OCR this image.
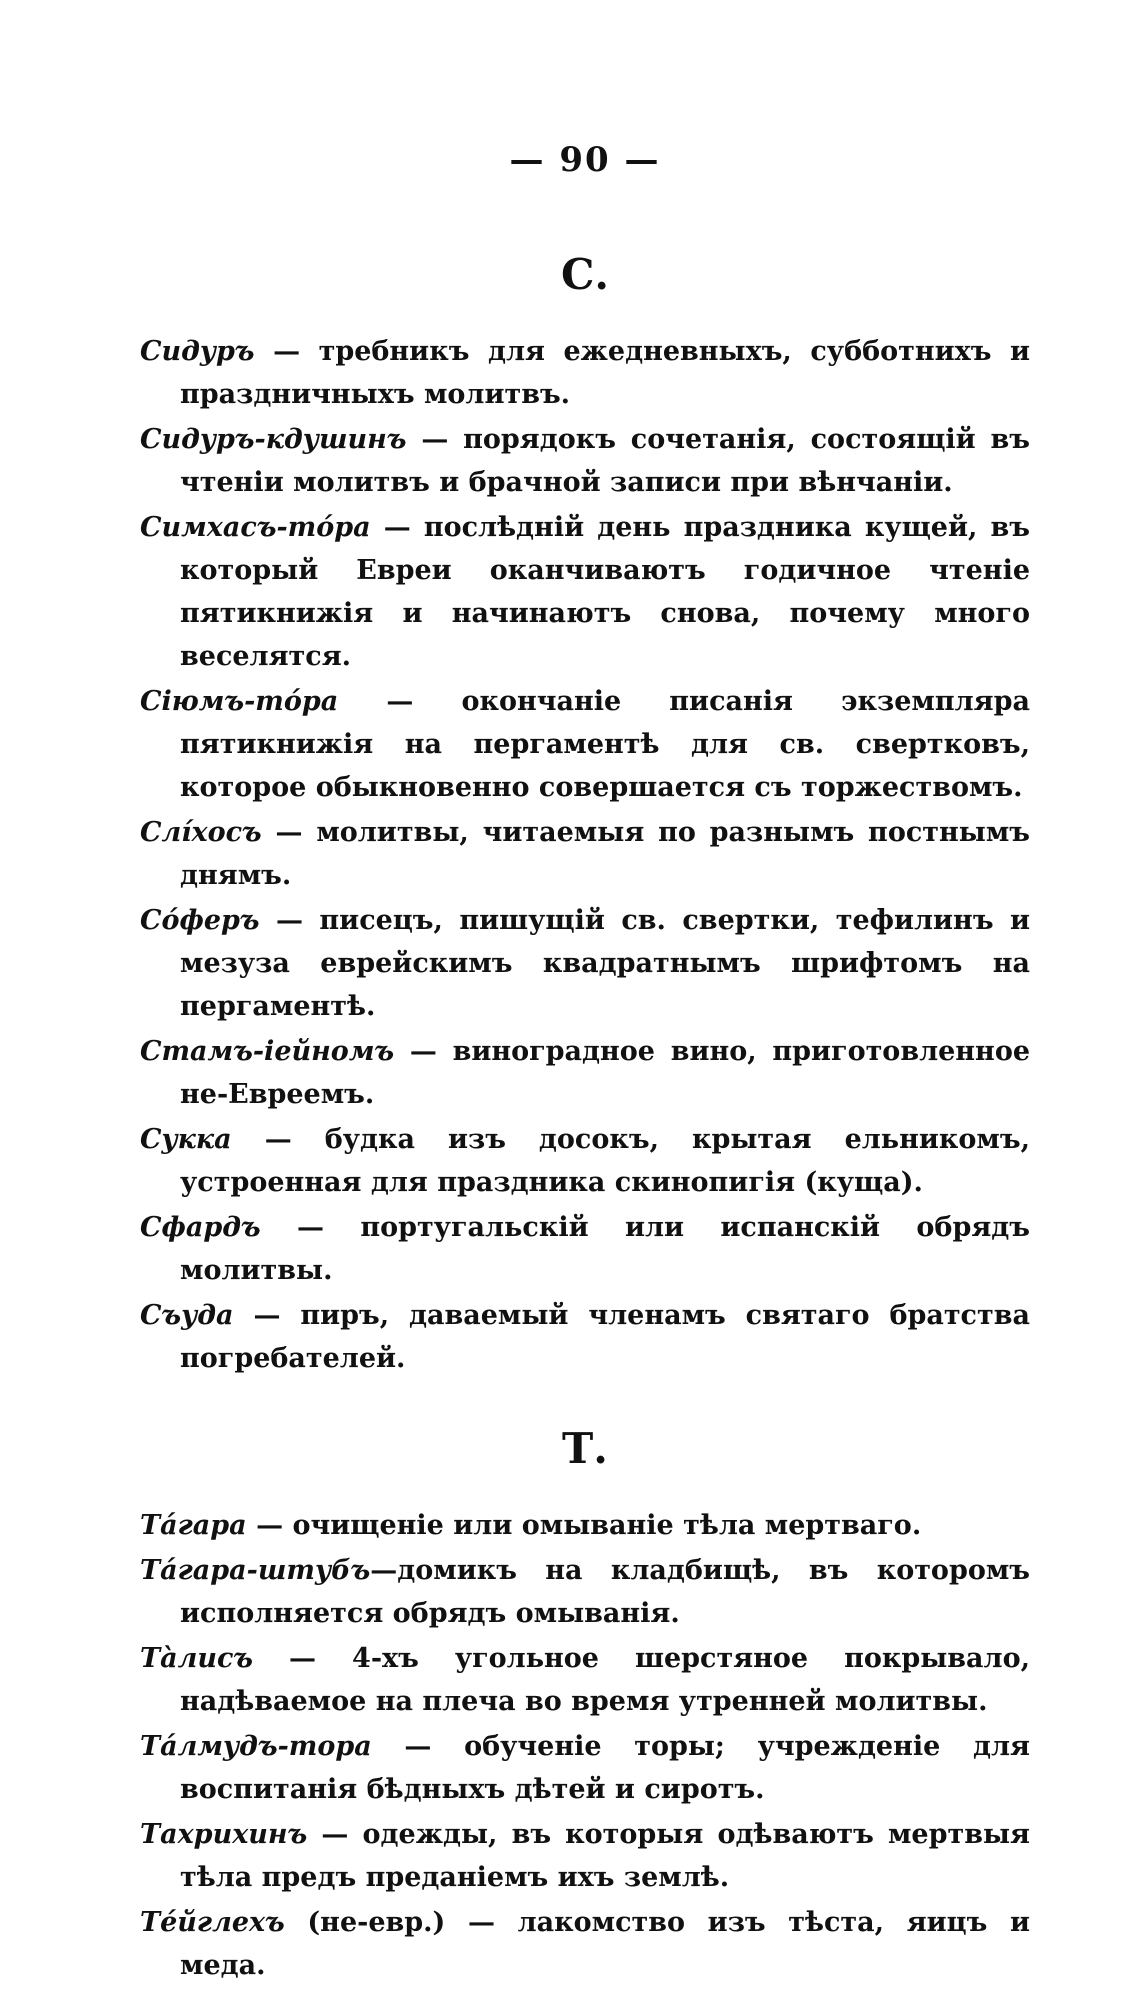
— 90 —
С.

Сидуръ — требникъ для ежедневныхъ, субботнихъ и праздничныхъ молитвъ.

Сидуръ-кдушинъ — порядокъ сочетанія, состоящій въ чтеніи молитвъ и брачной записи при вѣнчаніи.

Симхасъ-тóра — послѣдній день праздника кущей, въ который Евреи оканчиваютъ годичное чтеніе пятикнижія и начинаютъ снова, почему много веселятся.

Сіюмъ-тóра — окончаніе писанія экземпляра пятикнижія на пергаментѣ для св. свертковъ, которое обыкновенно совершается съ торжествомъ.

Слíхосъ — молитвы, читаемыя по разнымъ постнымъ днямъ.

Сóферъ — писецъ, пишущій св. свертки, тефилинъ и мезуза еврейскимъ квадратнымъ шрифтомъ на пергаментѣ.

Стамъ-іейномъ — виноградное вино, приготовленное не-Евреемъ.

Сукка — будка изъ досокъ, крытая ельникомъ, устроенная для праздника скинопигія (куща).

Сфардъ — португальскій или испанскій обрядъ молитвы.

Съуда — пиръ, даваемый членамъ святаго братства погребателей.

Т.

Тáгара — очищеніе или омываніе тѣла мертваго.

Тáгара-штубъ—домикъ на кладбищѣ, въ которомъ исполняется обрядъ омыванія.

Тàлисъ — 4-хъ угольное шерстяное покрывало, надѣваемое на плеча во время утренней молитвы.

Тáлмудъ-тора — обученіе торы; учрежденіе для воспитанія бѣдныхъ дѣтей и сиротъ.

Тахрихинъ — одежды, въ которыя одѣваютъ мертвыя тѣла предъ преданіемъ ихъ землѣ.

Тéйглехъ (не-евр.) — лакомство изъ тѣста, яицъ и меда.
